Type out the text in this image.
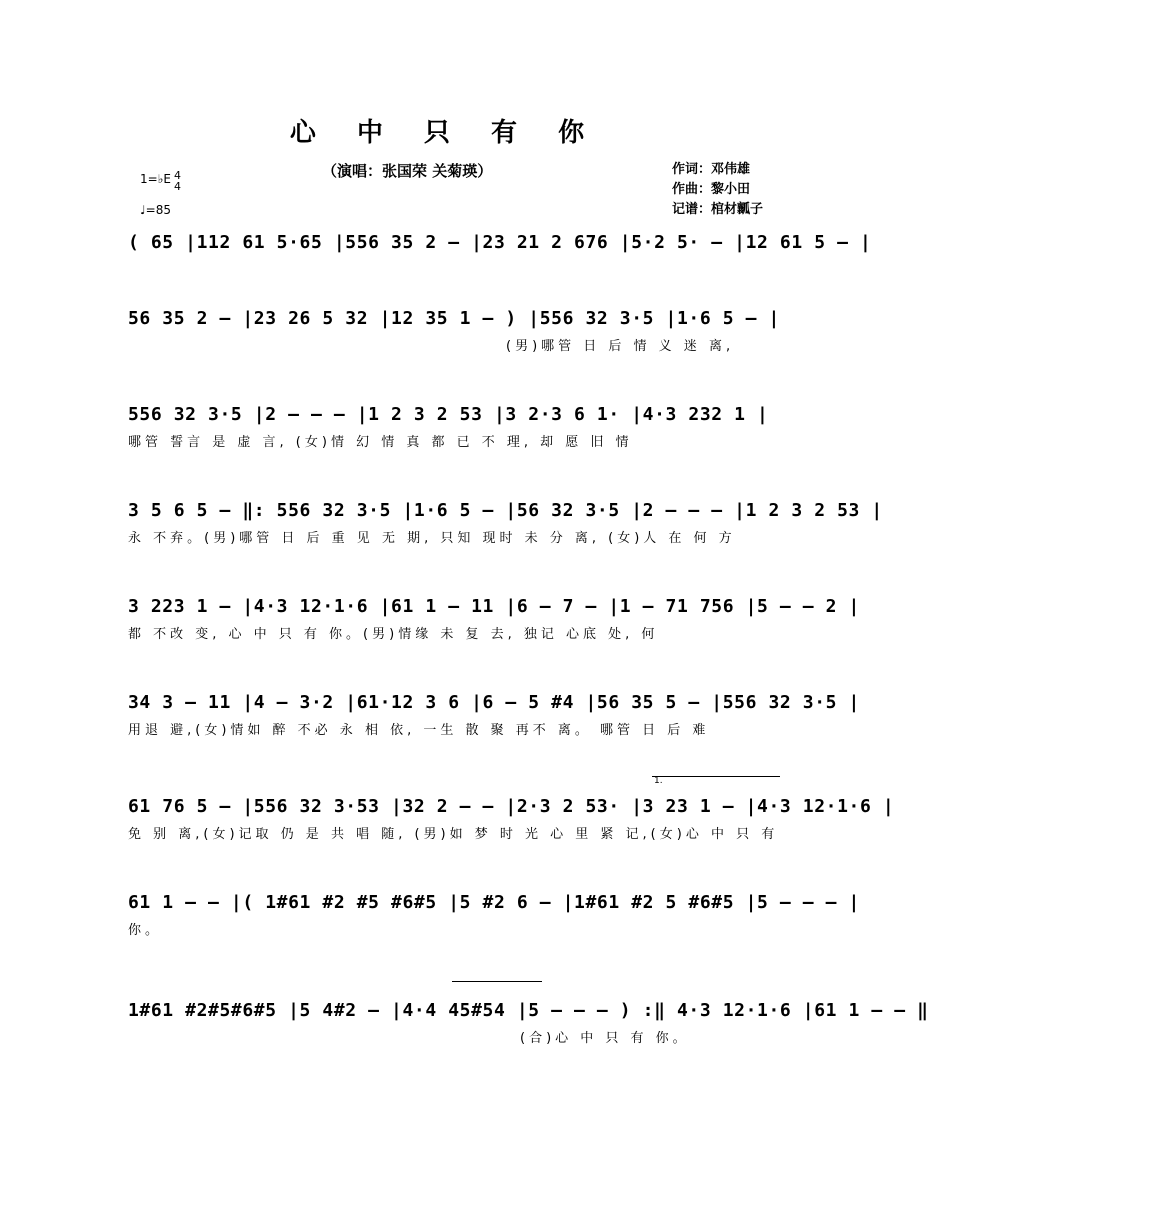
心 中 只 有 你
（演唱：张国荣 关菊瑛）	作词：邓伟雄
作曲：黎小田
记谱：棺材瓤子
1=♭E 4
4
♩=85
( 65 |112 61 5·65 |556 35 2 – |23 21 2 676 |5·2 5· – |12 61 5 – |
56 35 2 – |23 26 5 32 |12 35 1 – ) |556 32 3·5 |1·6 5 – |
(男)哪管 日 后 情 义 迷 离,
556 32 3·5 |2 – – – |1 2 3 2 53 |3 2·3 6 1· |4·3 232 1 |
哪管 誓言 是 虚 言, (女)情 幻 情 真 都 已 不 理, 却 愿 旧 情
3 5 6 5 – ‖: 556 32 3·5 |1·6 5 – |56 32 3·5 |2 – – – |1 2 3 2 53 |
永 不弃。(男)哪管 日 后 重 见 无 期, 只知 现时 未 分 离, (女)人 在 何 方
3 223 1 – |4·3 12·1·6 |61 1 – 11 |6 – 7 – |1 – 71 756 |5 – – 2 |
都 不改 变, 心 中 只 有 你。(男)情缘 未 复 去, 独记 心底 处, 何
34 3 – 11 |4 – 3·2 |61·12 3 6 |6 – 5 #4 |56 35 5 – |556 32 3·5 |
用退 避,(女)情如 醉 不必 永 相 依, 一生 散 聚 再不 离。 哪管 日 后 难
1.
61 76 5 – |556 32 3·53 |32 2 – – |2·3 2 53· |3 23 1 – |4·3 12·1·6 |
免 别 离,(女)记取 仍 是 共 唱 随, (男)如 梦 时 光 心 里 紧 记,(女)心 中 只 有
61 1 – – |( 1#61 #2 #5 #6#5 |5 #2 6 – |1#61 #2 5 #6#5 |5 – – – |
你。
1#61 #2#5#6#5 |5 4#2 – |4·4 45#54 |5 – – – ) :‖ 4·3 12·1·6 |61 1 – – ‖
(合)心 中 只 有 你。
